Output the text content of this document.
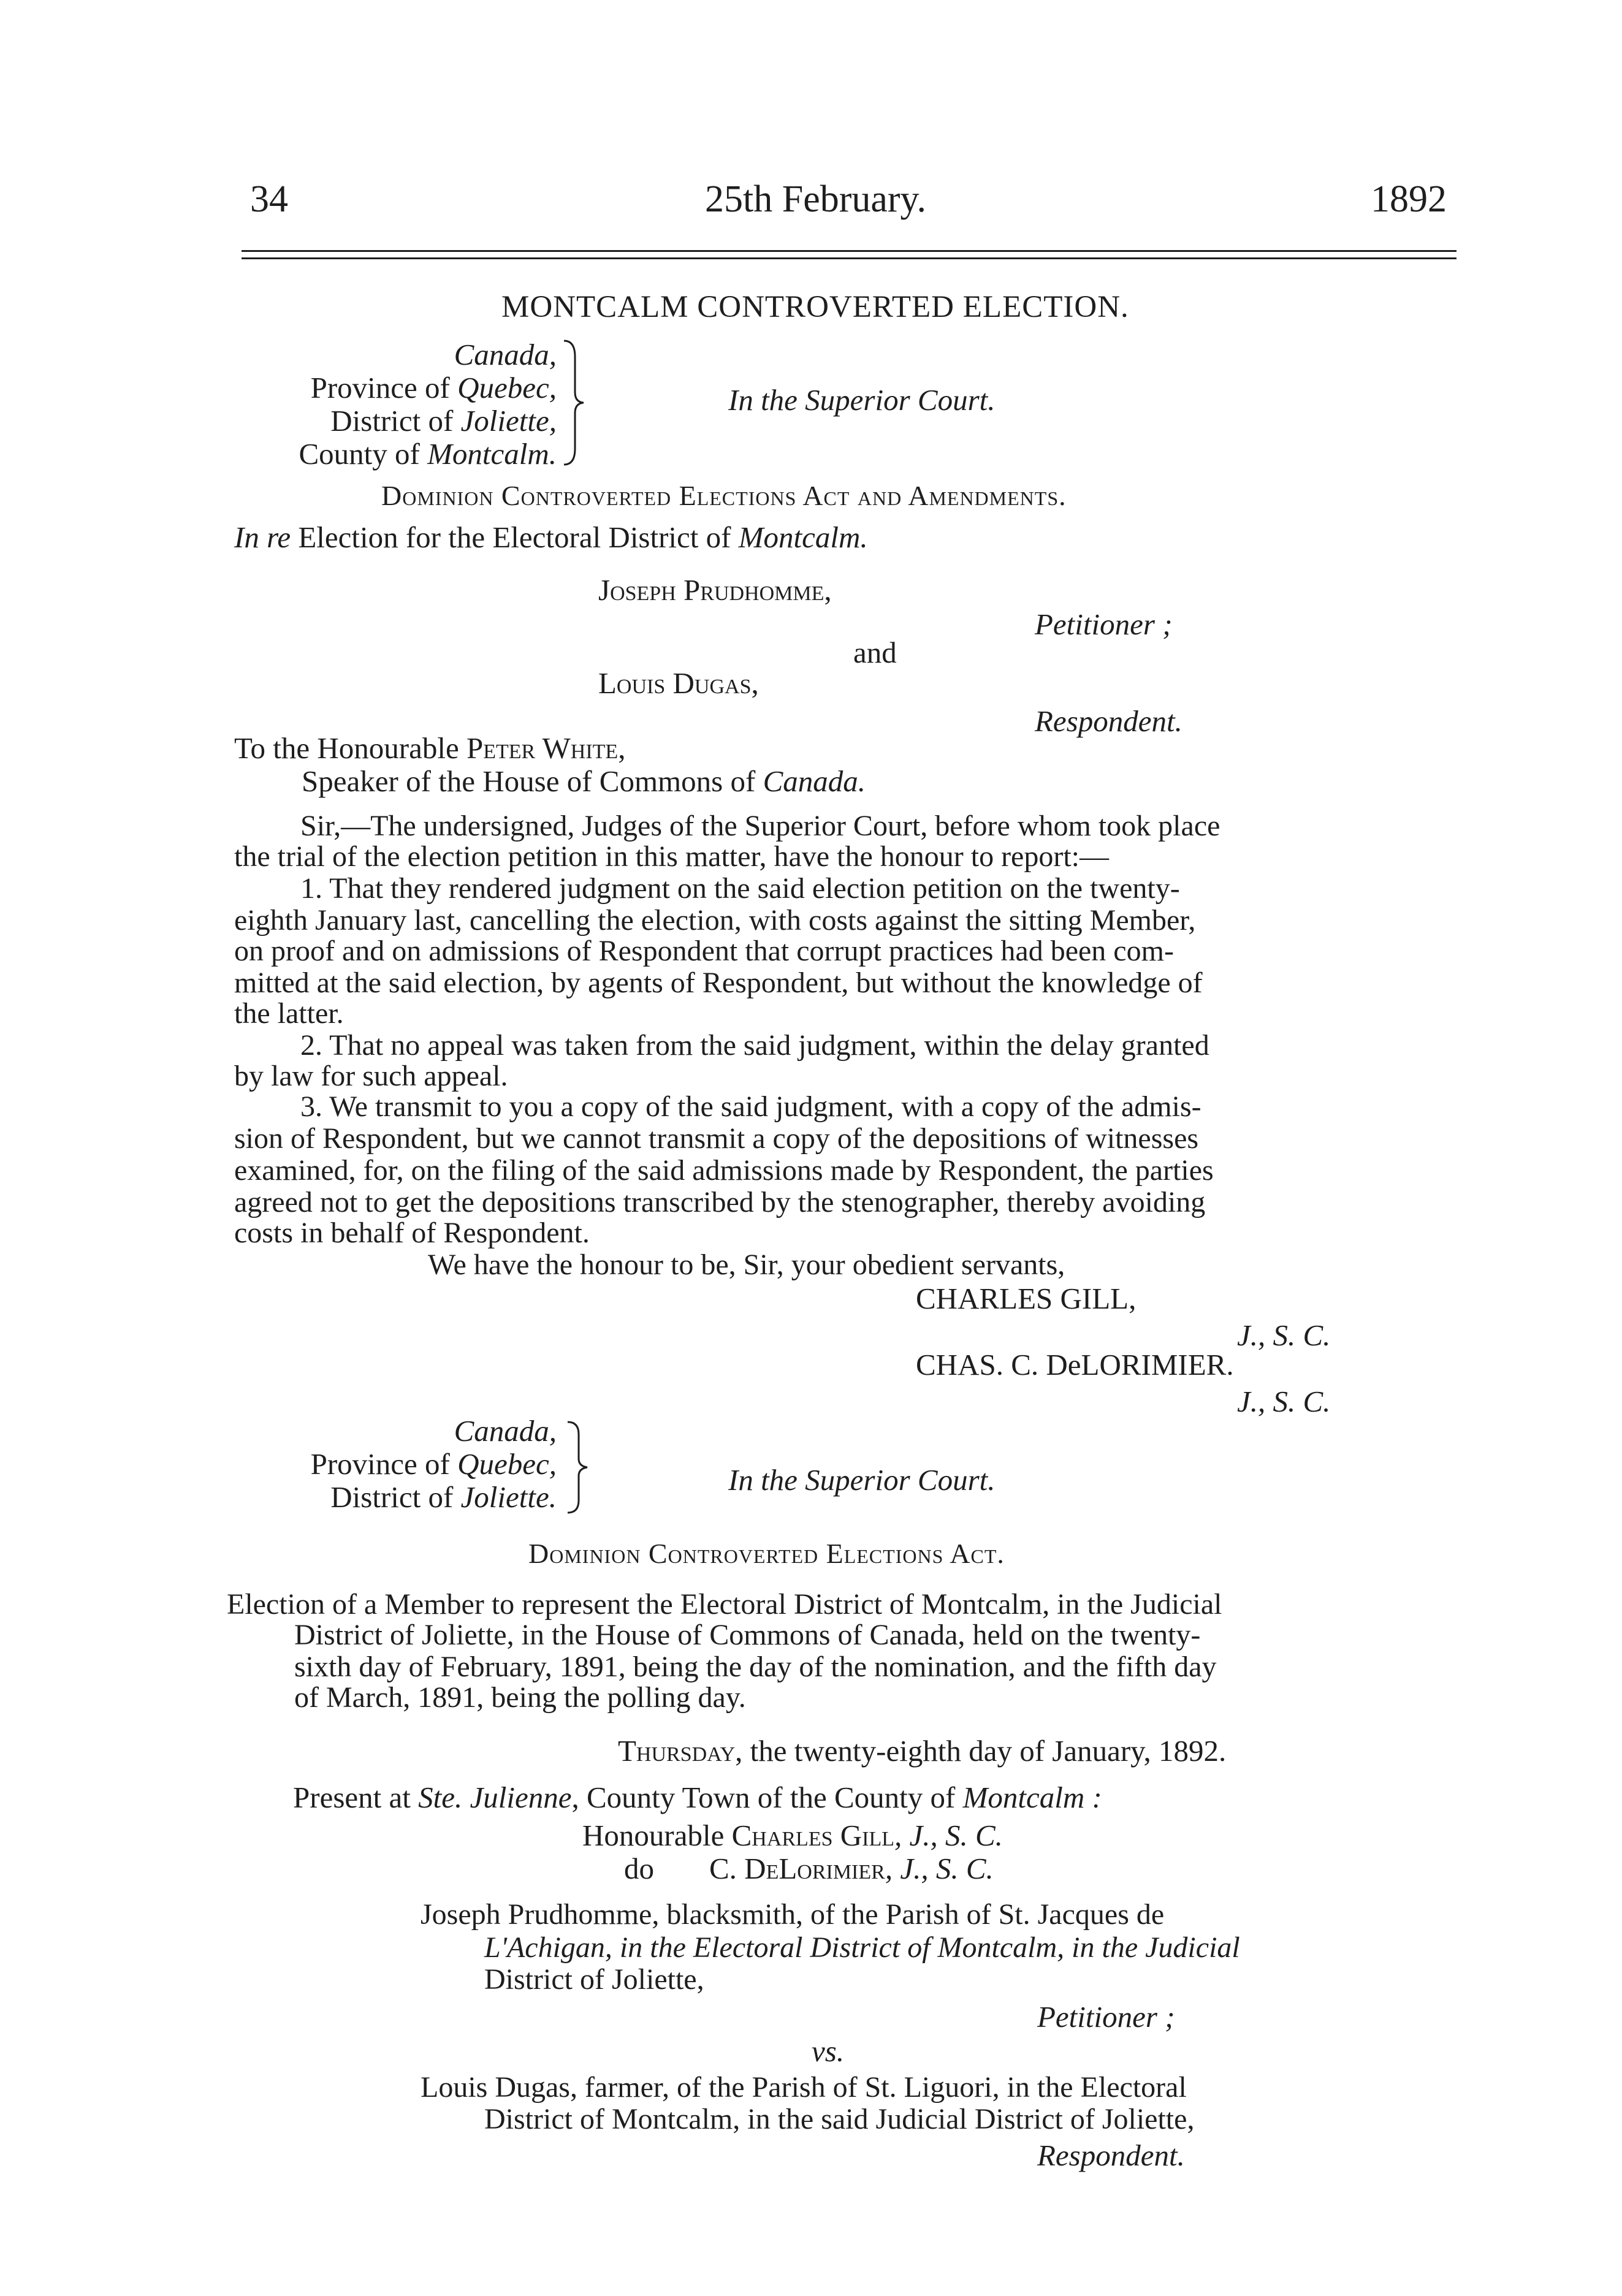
34	25th February.	1892
MONTCALM CONTROVERTED ELECTION.
Canada,
Province of Quebec,
District of Joliette,
County of Montcalm.
In the Superior Court.
Dominion Controverted Elections Act and Amendments.
In re Election for the Electoral District of Montcalm.
Joseph Prudhomme,
Petitioner ;
and
Louis Dugas,
Respondent.
To the Honourable Peter White,
Speaker of the House of Commons of Canada.
Sir,—The undersigned, Judges of the Superior Court, before whom took place
the trial of the election petition in this matter, have the honour to report:—
1. That they rendered judgment on the said election petition on the twenty-
eighth January last, cancelling the election, with costs against the sitting Member,
on proof and on admissions of Respondent that corrupt practices had been com-
mitted at the said election, by agents of Respondent, but without the knowledge of
the latter.
2. That no appeal was taken from the said judgment, within the delay granted
by law for such appeal.
3. We transmit to you a copy of the said judgment, with a copy of the admis-
sion of Respondent, but we cannot transmit a copy of the depositions of witnesses
examined, for, on the filing of the said admissions made by Respondent, the parties
agreed not to get the depositions transcribed by the stenographer, thereby avoiding
costs in behalf of Respondent.
We have the honour to be, Sir, your obedient servants,
CHARLES GILL,
J., S. C.
CHAS. C. DeLORIMIER.
J., S. C.
Canada,
Province of Quebec,
District of Joliette.
In the Superior Court.
Dominion Controverted Elections Act.
Election of a Member to represent the Electoral District of Montcalm, in the Judicial
District of Joliette, in the House of Commons of Canada, held on the twenty-
sixth day of February, 1891, being the day of the nomination, and the fifth day
of March, 1891, being the polling day.
Thursday, the twenty-eighth day of January, 1892.
Present at Ste. Julienne, County Town of the County of Montcalm :
Honourable Charles Gill, J., S. C.
do C. DeLorimier, J., S. C.
Joseph Prudhomme, blacksmith, of the Parish of St. Jacques de
L'Achigan, in the Electoral District of Montcalm, in the Judicial
District of Joliette,
Petitioner ;
vs.
Louis Dugas, farmer, of the Parish of St. Liguori, in the Electoral
District of Montcalm, in the said Judicial District of Joliette,
Respondent.
